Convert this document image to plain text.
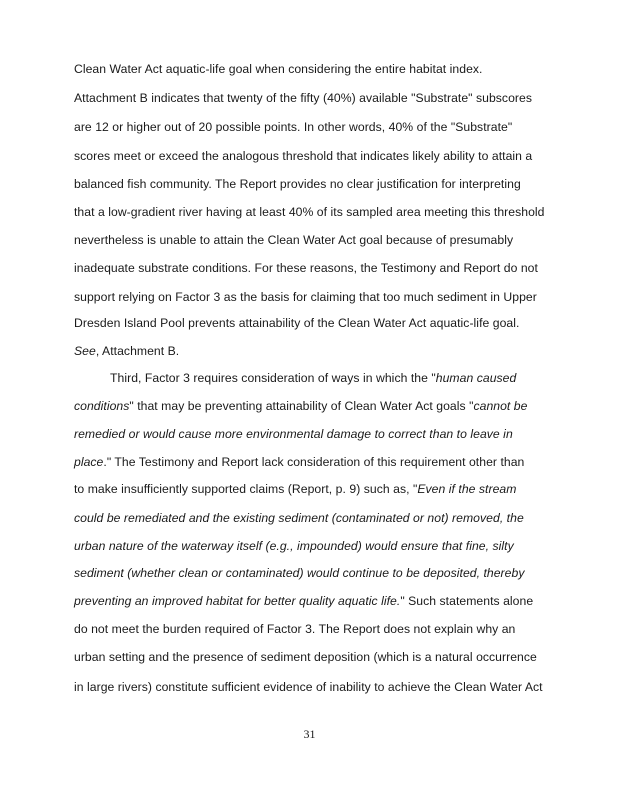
Clean Water Act aquatic-life goal when considering the entire habitat index.
Attachment B indicates that twenty of the fifty (40%) available "Substrate" subscores
are 12 or higher out of 20 possible points. In other words, 40% of the "Substrate"
scores meet or exceed the analogous threshold that indicates likely ability to attain a
balanced fish community. The Report provides no clear justification for interpreting
that a low-gradient river having at least 40% of its sampled area meeting this threshold
nevertheless is unable to attain the Clean Water Act goal because of presumably
inadequate substrate conditions. For these reasons, the Testimony and Report do not
support relying on Factor 3 as the basis for claiming that too much sediment in Upper
Dresden Island Pool prevents attainability of the Clean Water Act aquatic-life goal.
See, Attachment B.
Third, Factor 3 requires consideration of ways in which the "human caused
conditions" that may be preventing attainability of Clean Water Act goals "cannot be
remedied or would cause more environmental damage to correct than to leave in
place." The Testimony and Report lack consideration of this requirement other than
to make insufficiently supported claims (Report, p. 9) such as, "Even if the stream
could be remediated and the existing sediment (contaminated or not) removed, the
urban nature of the waterway itself (e.g., impounded) would ensure that fine, silty
sediment (whether clean or contaminated) would continue to be deposited, thereby
preventing an improved habitat for better quality aquatic life." Such statements alone
do not meet the burden required of Factor 3. The Report does not explain why an
urban setting and the presence of sediment deposition (which is a natural occurrence
in large rivers) constitute sufficient evidence of inability to achieve the Clean Water Act
31
